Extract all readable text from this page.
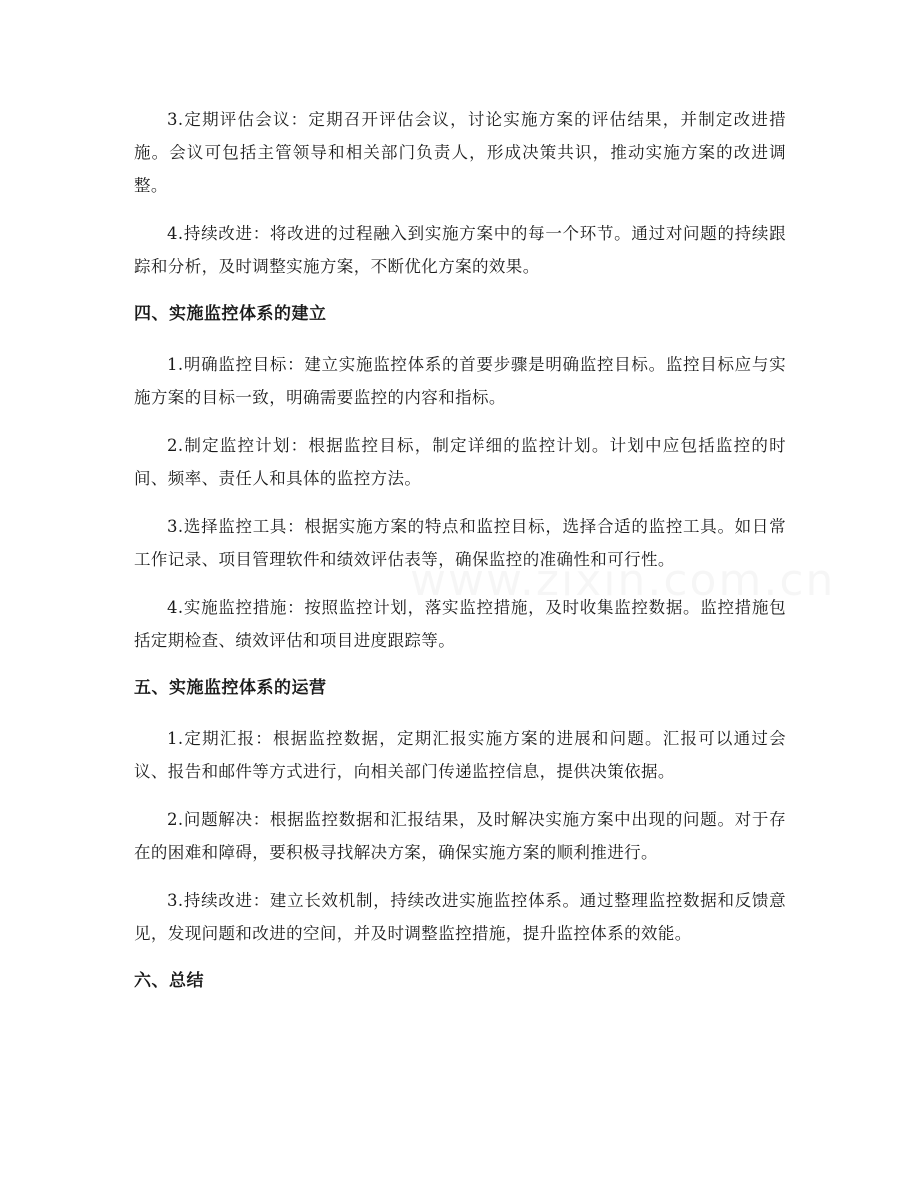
3.定期评估会议：定期召开评估会议，讨论实施方案的评估结果，并制定改进措施。会议可包括主管领导和相关部门负责人，形成决策共识，推动实施方案的改进调整。

4.持续改进：将改进的过程融入到实施方案中的每一个环节。通过对问题的持续跟踪和分析，及时调整实施方案，不断优化方案的效果。

四、实施监控体系的建立

1.明确监控目标：建立实施监控体系的首要步骤是明确监控目标。监控目标应与实施方案的目标一致，明确需要监控的内容和指标。

2.制定监控计划：根据监控目标，制定详细的监控计划。计划中应包括监控的时间、频率、责任人和具体的监控方法。

3.选择监控工具：根据实施方案的特点和监控目标，选择合适的监控工具。如日常工作记录、项目管理软件和绩效评估表等，确保监控的准确性和可行性。

4.实施监控措施：按照监控计划，落实监控措施，及时收集监控数据。监控措施包括定期检查、绩效评估和项目进度跟踪等。

五、实施监控体系的运营

1.定期汇报：根据监控数据，定期汇报实施方案的进展和问题。汇报可以通过会议、报告和邮件等方式进行，向相关部门传递监控信息，提供决策依据。

2.问题解决：根据监控数据和汇报结果，及时解决实施方案中出现的问题。对于存在的困难和障碍，要积极寻找解决方案，确保实施方案的顺利推进行。

3.持续改进：建立长效机制，持续改进实施监控体系。通过整理监控数据和反馈意见，发现问题和改进的空间，并及时调整监控措施，提升监控体系的效能。

六、总结
